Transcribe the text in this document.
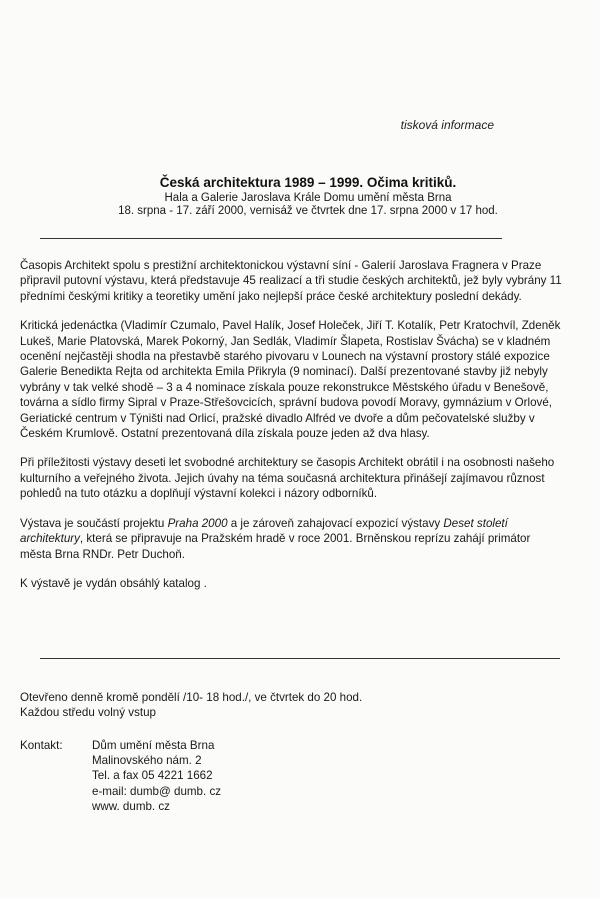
tisková informace
Česká architektura 1989 – 1999. Očima kritiků.
Hala a Galerie Jaroslava Krále Domu umění města Brna
18. srpna - 17. září 2000, vernisáž ve čtvrtek dne 17. srpna 2000 v 17 hod.

Časopis Architekt spolu s prestižní architektonickou výstavní síní - Galerií Jaroslava Fragnera v Praze připravil putovní výstavu, která představuje 45 realizací a tři studie českých architektů, jež byly vybrány 11 předními českými kritiky a teoretiky umění jako nejlepší práce české architektury poslední dekády.

Kritická jedenáctka (Vladimír Czumalo, Pavel Halík, Josef Holeček, Jiří T. Kotalík, Petr Kratochvíl, Zdeněk Lukeš, Marie Platovská, Marek Pokorný, Jan Sedlák, Vladimír Šlapeta, Rostislav Švácha) se v kladném ocenění nejčastěji shodla na přestavbě starého pivovaru v Lounech na výstavní prostory stálé expozice Galerie Benedikta Rejta od architekta Emila Přikryla (9 nominací). Další prezentované stavby již nebyly vybrány v tak velké shodě – 3 a 4 nominace získala pouze rekonstrukce Městského úřadu v Benešově, továrna a sídlo firmy Sipral v Praze-Střešovcicích, správní budova povodí Moravy, gymnázium v Orlové, Geriatické centrum v Týništi nad Orlicí, pražské divadlo Alfréd ve dvoře a dům pečovatelské služby v Českém Krumlově. Ostatní prezentovaná díla získala pouze jeden až dva hlasy.

Při příležitosti výstavy deseti let svobodné architektury se časopis Architekt obrátil i na osobnosti našeho kulturního a veřejného života. Jejich úvahy na téma současná architektura přinášejí zajímavou různost pohledů na tuto otázku a doplňují výstavní kolekci i názory odborníků.

Výstava je součástí projektu Praha 2000 a je zároveň zahajovací expozicí výstavy Deset století architektury, která se připravuje na Pražském hradě v roce 2001. Brněnskou reprízu zahájí primátor města Brna RNDr. Petr Duchoň.

K výstavě je vydán obsáhlý katalog .

Otevřeno denně kromě pondělí /10- 18 hod./, ve čtvrtek do 20 hod.
Každou středu volný vstup
Kontakt:	Dům umění města Brna
Malinovského nám. 2
Tel. a fax 05 4221 1662
e-mail: dumb@ dumb. cz
www. dumb. cz
